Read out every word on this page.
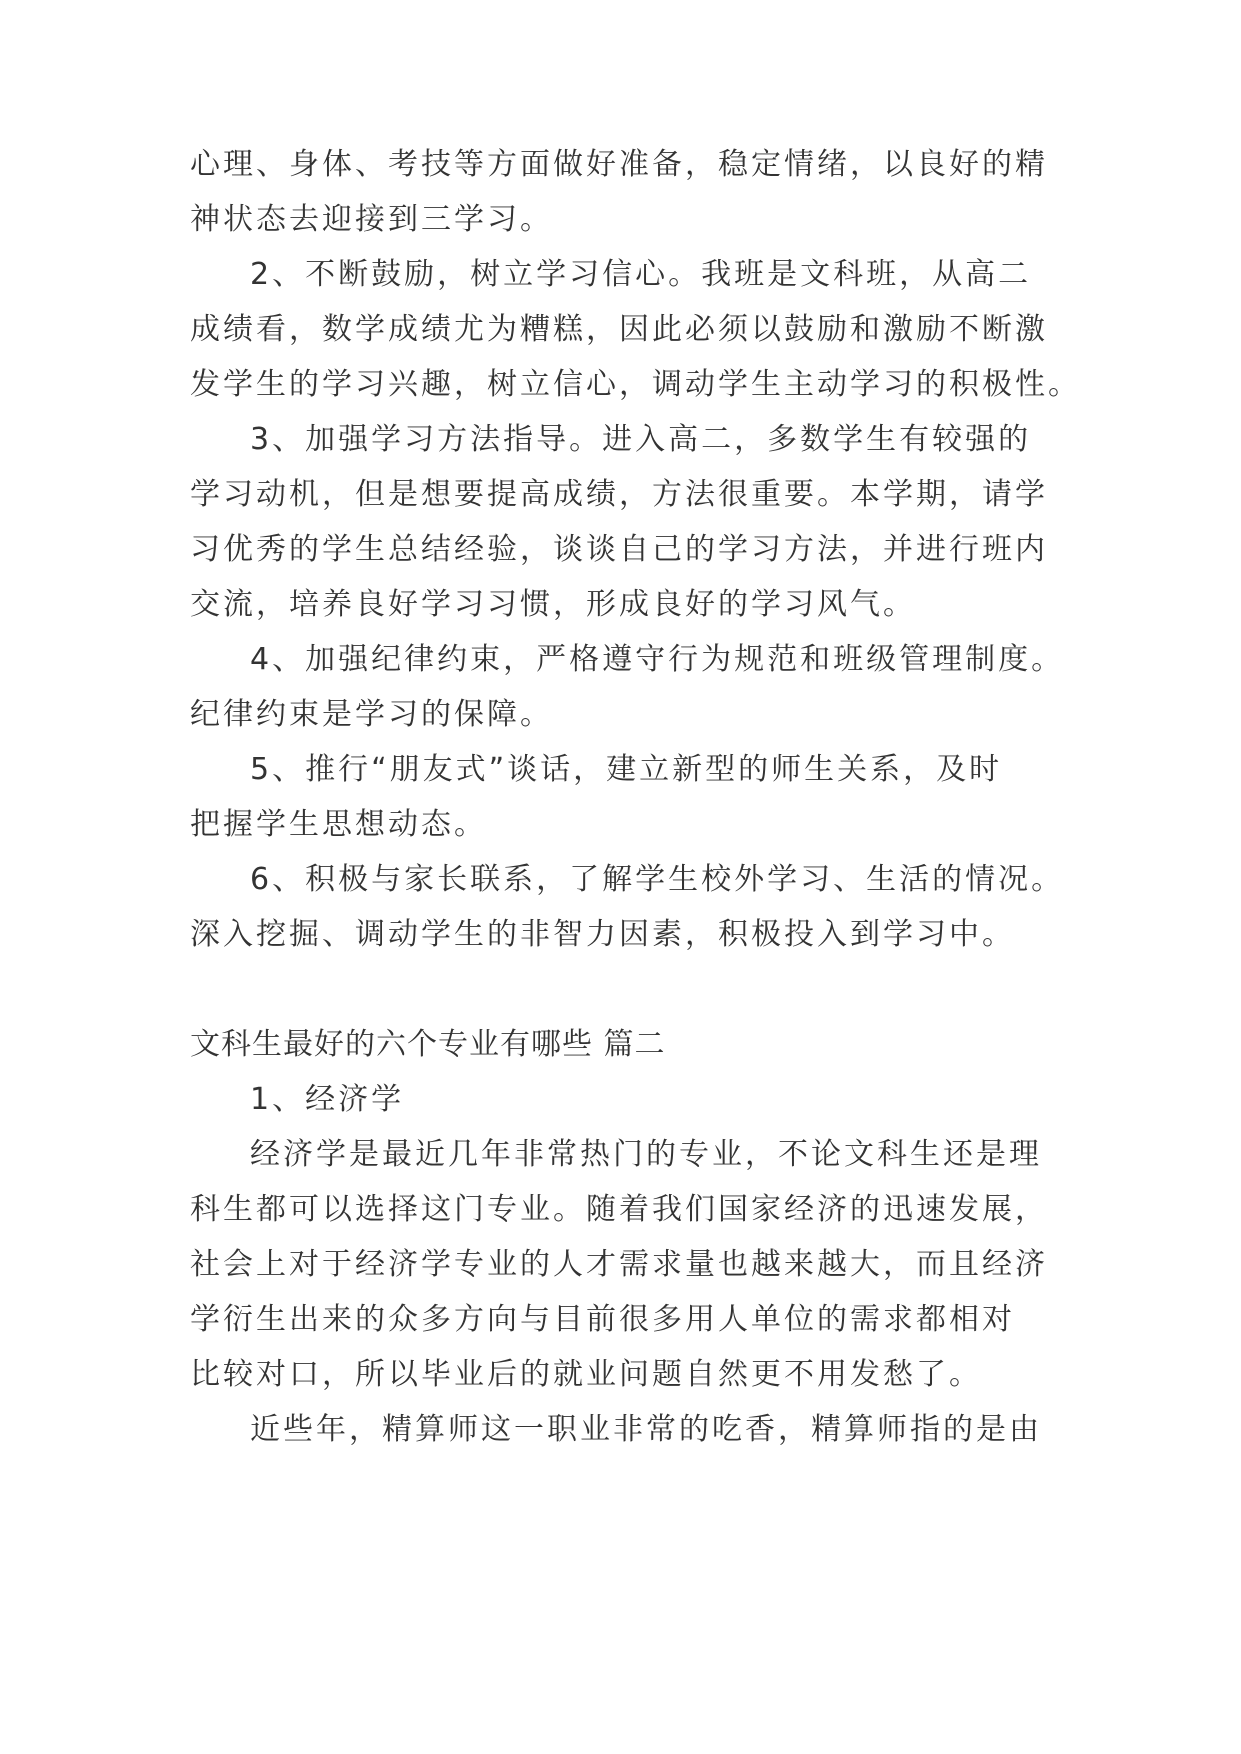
心理、身体、考技等方面做好准备，稳定情绪，以良好的精
神状态去迎接到三学习。
2、不断鼓励，树立学习信心。我班是文科班，从高二
成绩看，数学成绩尤为糟糕，因此必须以鼓励和激励不断激
发学生的学习兴趣，树立信心，调动学生主动学习的积极性。
3、加强学习方法指导。进入高二，多数学生有较强的
学习动机，但是想要提高成绩，方法很重要。本学期，请学
习优秀的学生总结经验，谈谈自己的学习方法，并进行班内
交流，培养良好学习习惯，形成良好的学习风气。
4、加强纪律约束，严格遵守行为规范和班级管理制度。
纪律约束是学习的保障。
5、推行“朋友式”谈话，建立新型的师生关系，及时
把握学生思想动态。
6、积极与家长联系，了解学生校外学习、生活的情况。
深入挖掘、调动学生的非智力因素，积极投入到学习中。
文科生最好的六个专业有哪些 篇二
1、经济学
经济学是最近几年非常热门的专业，不论文科生还是理
科生都可以选择这门专业。随着我们国家经济的迅速发展，
社会上对于经济学专业的人才需求量也越来越大，而且经济
学衍生出来的众多方向与目前很多用人单位的需求都相对
比较对口，所以毕业后的就业问题自然更不用发愁了。
近些年，精算师这一职业非常的吃香，精算师指的是由
